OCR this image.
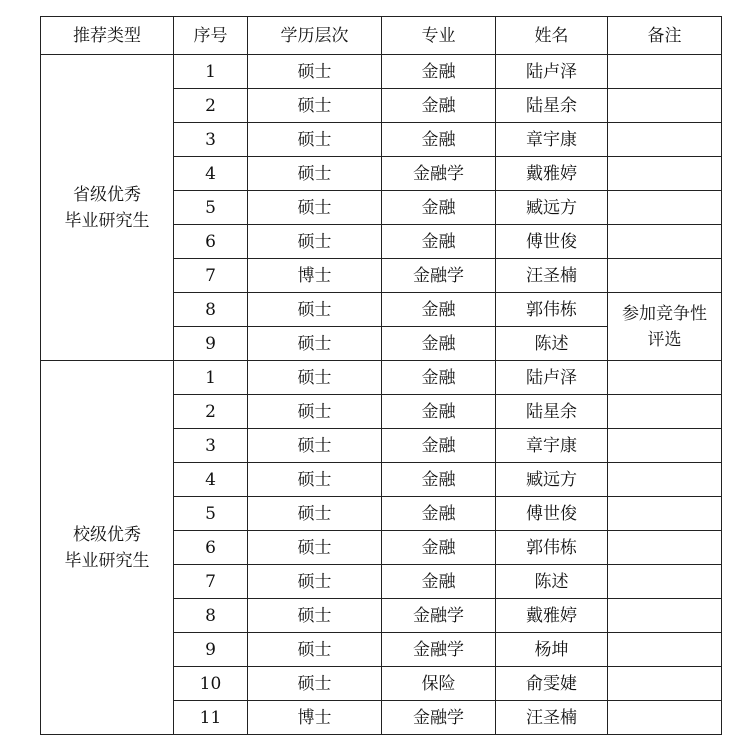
推荐类型	序号	学历层次	专业	姓名	备注

省级优秀
毕业研究生	1	硕士	金融	陆卢泽	
	2	硕士	金融	陆星余	
	3	硕士	金融	章宇康	
	4	硕士	金融学	戴雅婷	
	5	硕士	金融	臧远方	
	6	硕士	金融	傅世俊	
	7	博士	金融学	汪圣楠	
	8	硕士	金融	郭伟栋	参加竞争性
评选

	9	硕士	金融	陈述	

校级优秀
毕业研究生	1	硕士	金融	陆卢泽	
	2	硕士	金融	陆星余	
	3	硕士	金融	章宇康	
	4	硕士	金融	臧远方	
	5	硕士	金融	傅世俊	
	6	硕士	金融	郭伟栋	
	7	硕士	金融	陈述	
	8	硕士	金融学	戴雅婷	
	9	硕士	金融学	杨坤	
	10	硕士	保险	俞雯婕	
	11	博士	金融学	汪圣楠	
